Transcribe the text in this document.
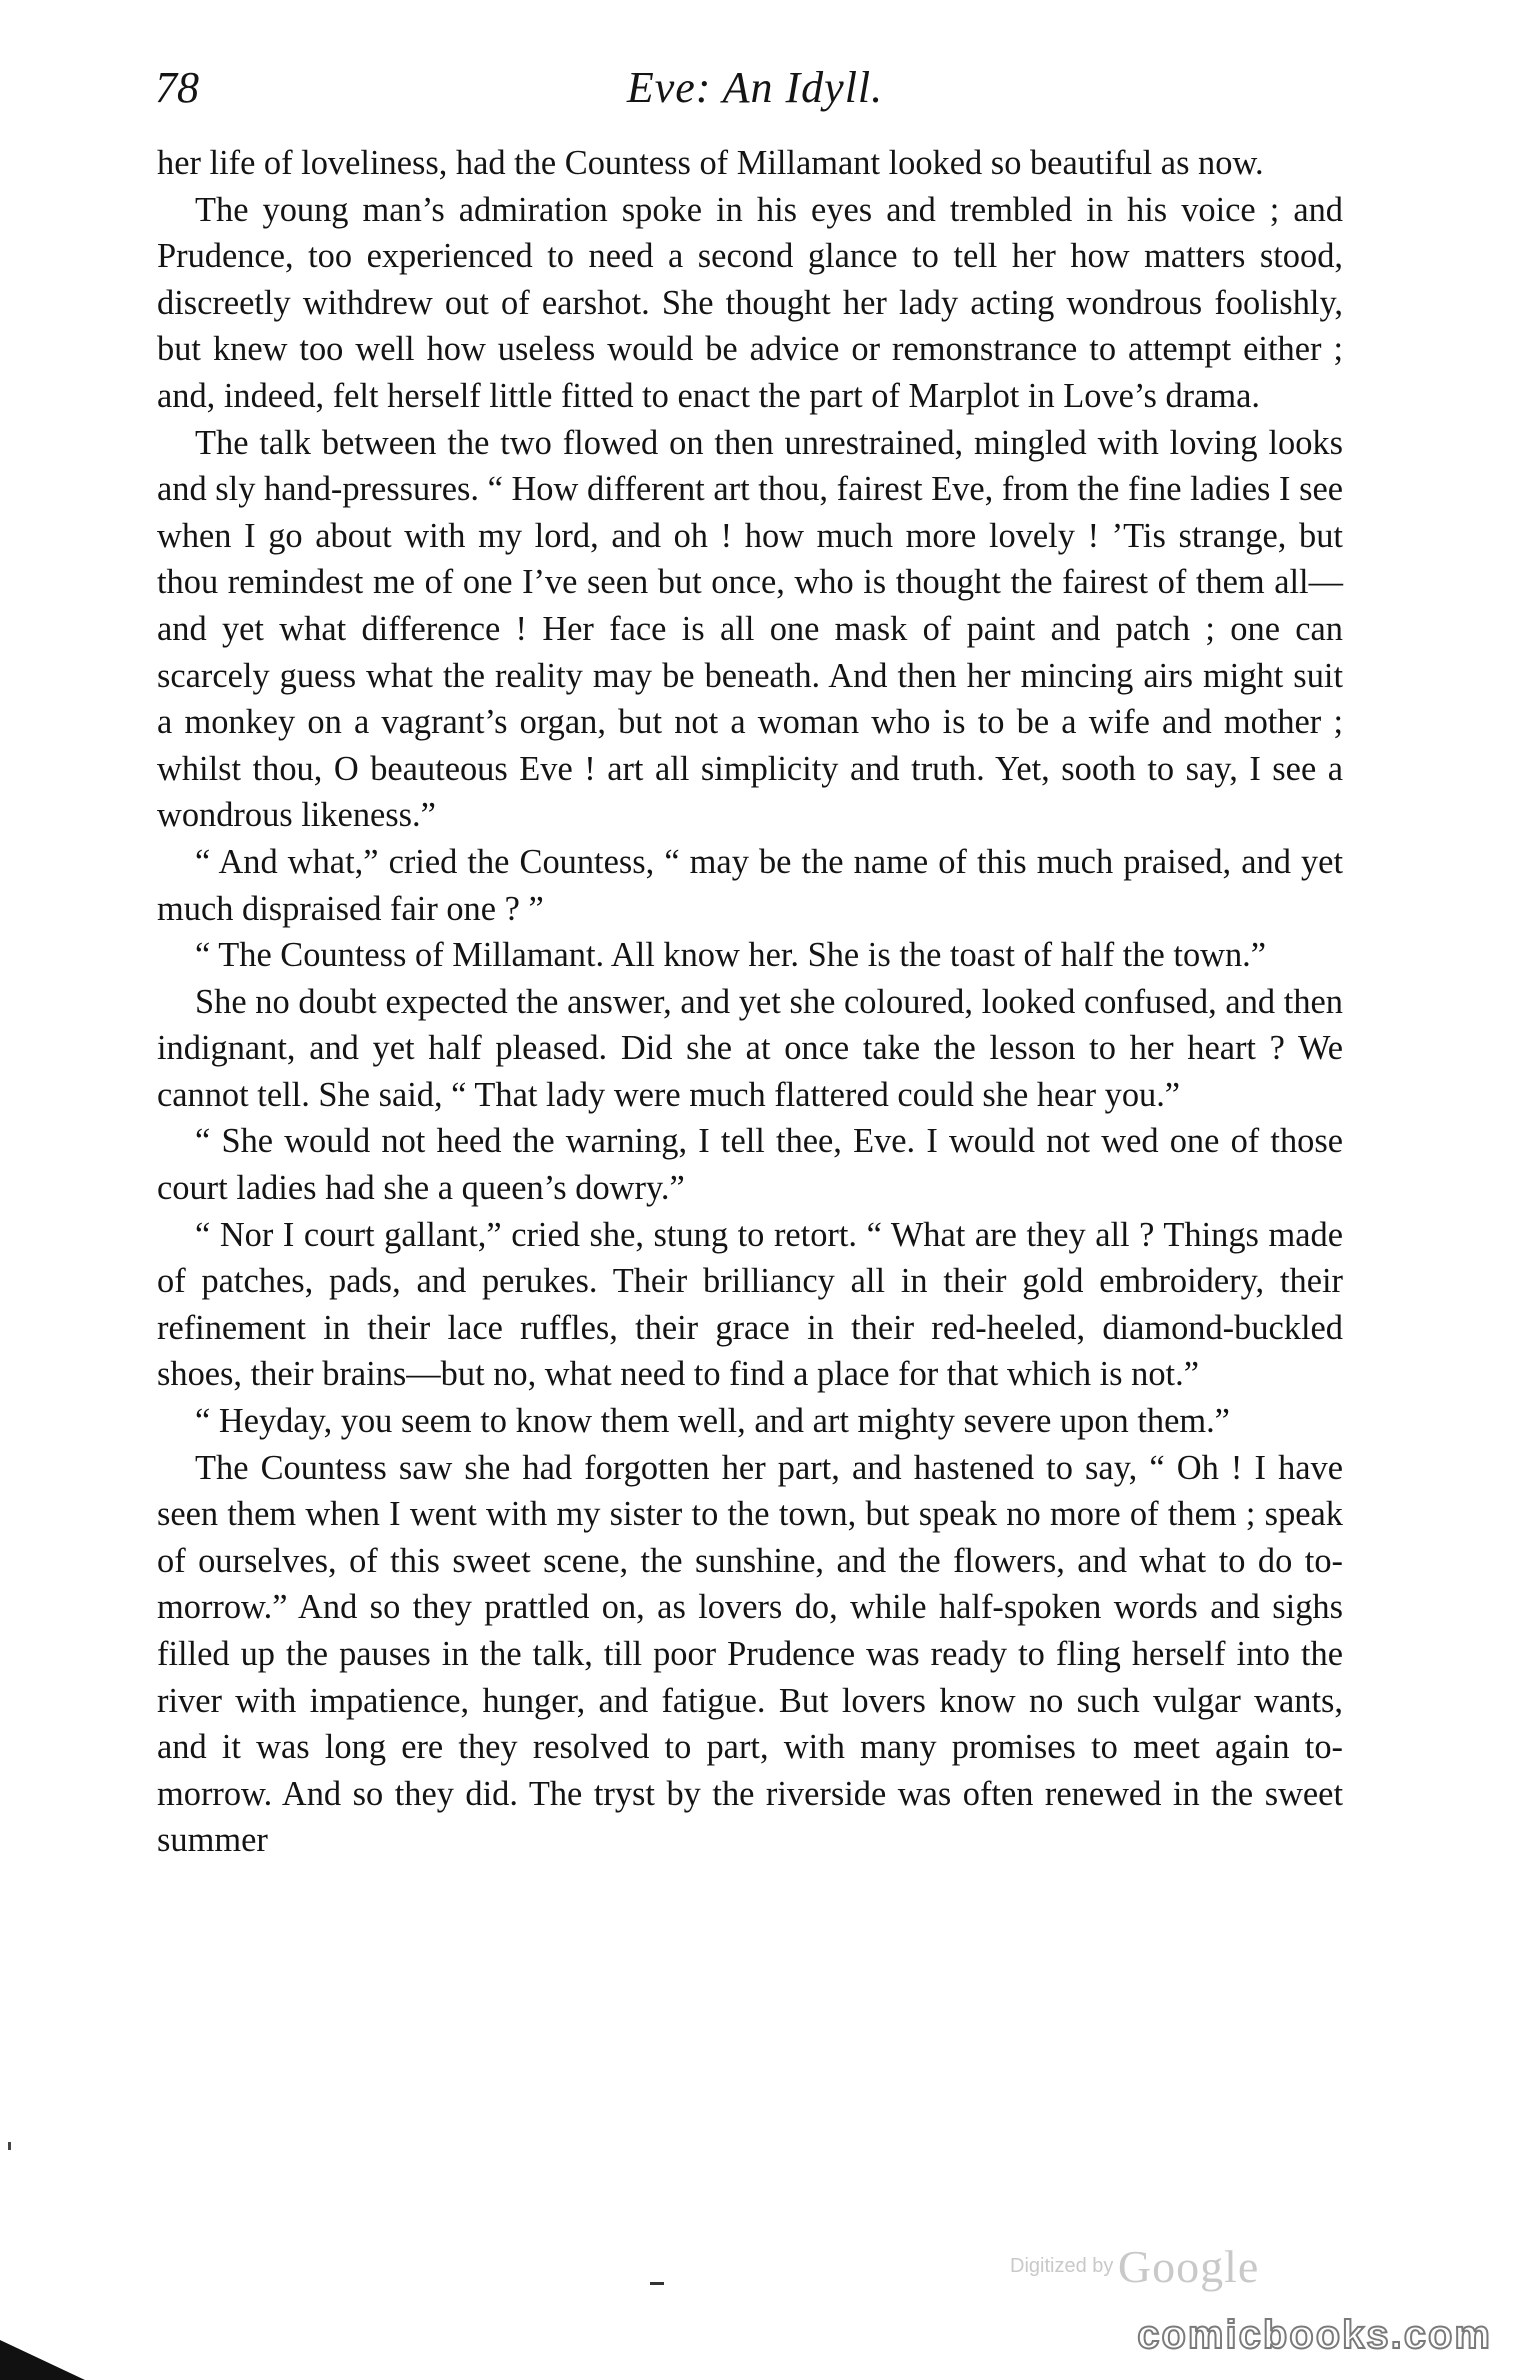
78	Eve: An Idyll.

her life of loveliness, had the Countess of Millamant looked so beautiful as now.

The young man’s admiration spoke in his eyes and trembled in his voice ; and Prudence, too experienced to need a second glance to tell her how matters stood, discreetly withdrew out of earshot. She thought her lady acting wondrous foolishly, but knew too well how useless would be advice or remonstrance to attempt either ; and, indeed, felt herself little fitted to enact the part of Marplot in Love’s drama.

The talk between the two flowed on then unrestrained, mingled with loving looks and sly hand-pressures. “ How different art thou, fairest Eve, from the fine ladies I see when I go about with my lord, and oh ! how much more lovely ! ’Tis strange, but thou remindest me of one I’ve seen but once, who is thought the fairest of them all—and yet what difference ! Her face is all one mask of paint and patch ; one can scarcely guess what the reality may be beneath. And then her mincing airs might suit a monkey on a vagrant’s organ, but not a woman who is to be a wife and mother ; whilst thou, O beauteous Eve ! art all simplicity and truth. Yet, sooth to say, I see a wondrous likeness.”

“ And what,” cried the Countess, “ may be the name of this much praised, and yet much dispraised fair one ? ”

“ The Countess of Millamant. All know her. She is the toast of half the town.”

She no doubt expected the answer, and yet she coloured, looked confused, and then indignant, and yet half pleased. Did she at once take the lesson to her heart ? We cannot tell. She said, “ That lady were much flattered could she hear you.”

“ She would not heed the warning, I tell thee, Eve. I would not wed one of those court ladies had she a queen’s dowry.”

“ Nor I court gallant,” cried she, stung to retort. “ What are they all ? Things made of patches, pads, and perukes. Their brilliancy all in their gold embroidery, their refinement in their lace ruffles, their grace in their red-heeled, diamond-buckled shoes, their brains—but no, what need to find a place for that which is not.”

“ Heyday, you seem to know them well, and art mighty severe upon them.”

The Countess saw she had forgotten her part, and hastened to say, “ Oh ! I have seen them when I went with my sister to the town, but speak no more of them ; speak of ourselves, of this sweet scene, the sunshine, and the flowers, and what to do to-morrow.” And so they prattled on, as lovers do, while half-spoken words and sighs filled up the pauses in the talk, till poor Prudence was ready to fling herself into the river with impatience, hunger, and fatigue. But lovers know no such vulgar wants, and it was long ere they resolved to part, with many promises to meet again to-morrow. And so they did. The tryst by the riverside was often renewed in the sweet summer

Digitized by Google
comicbooks.com
